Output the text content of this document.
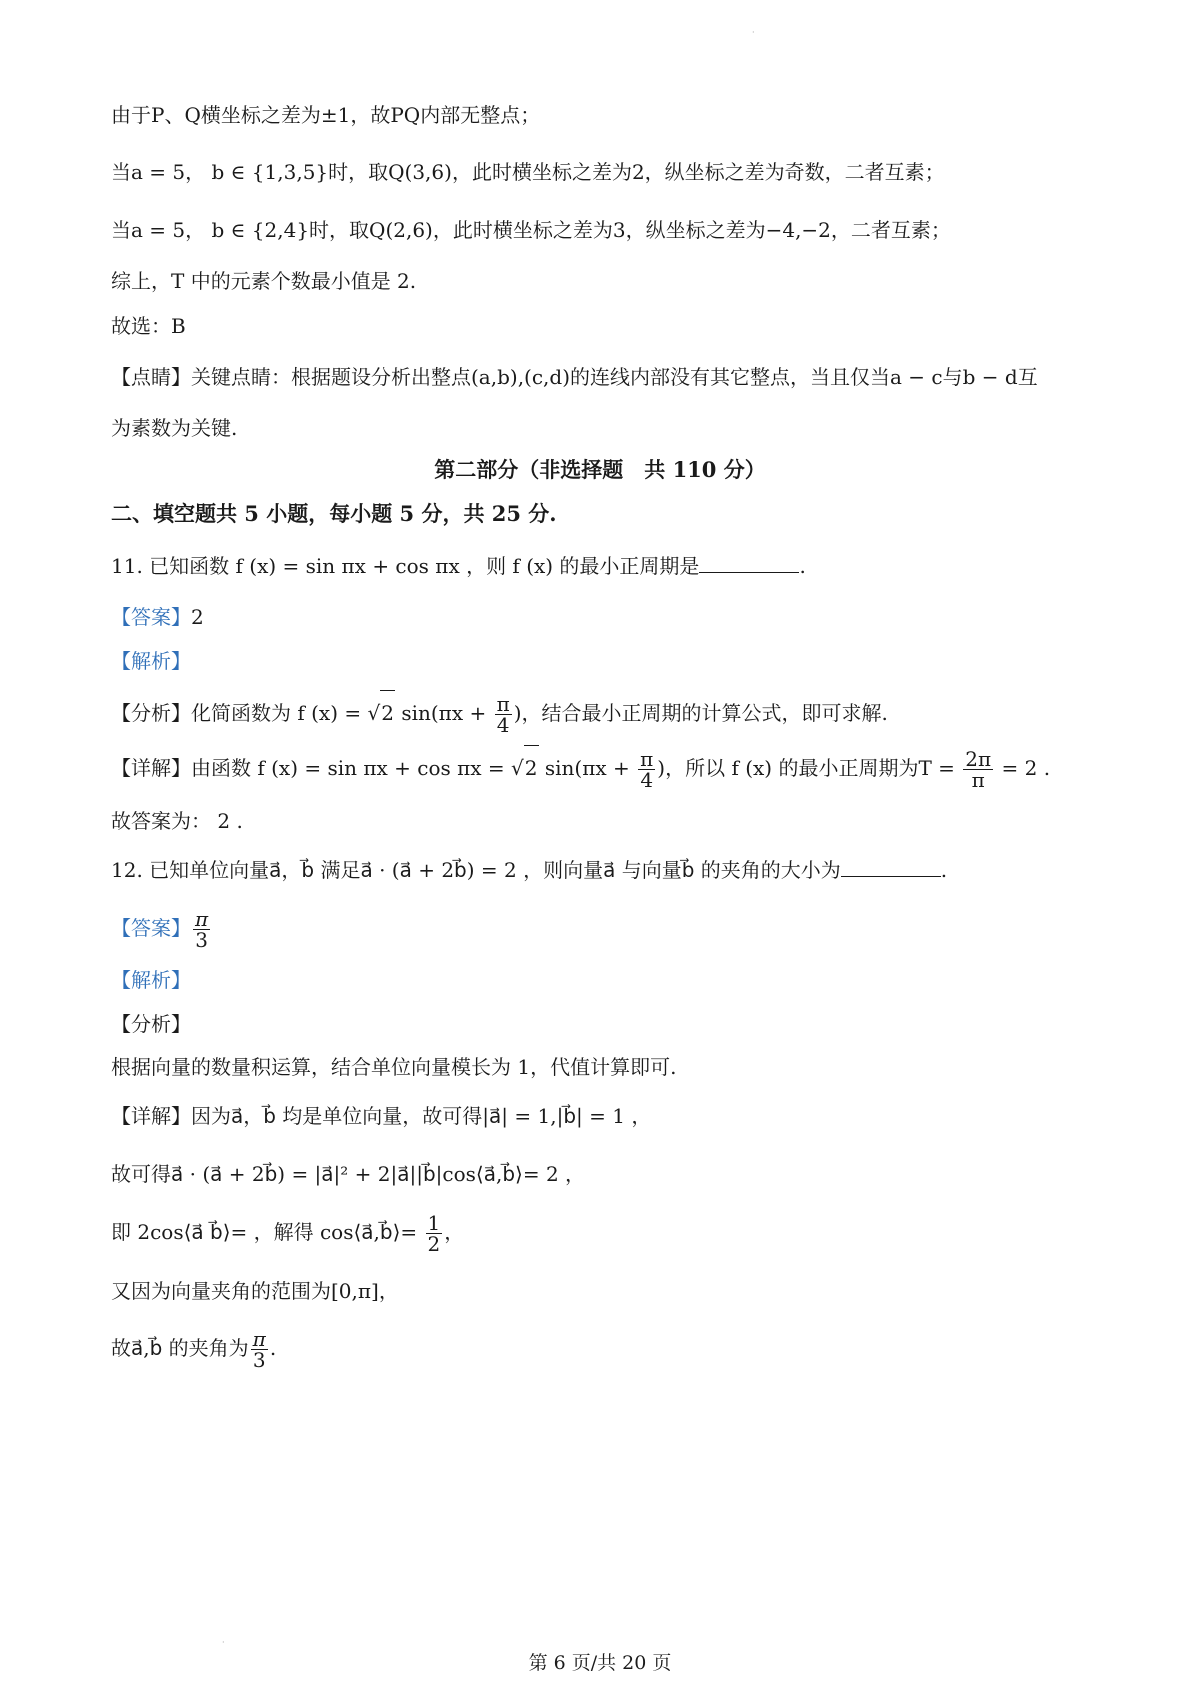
·
由于P、Q横坐标之差为±1，故PQ内部无整点；
当a = 5， b ∈ {1,3,5}时，取Q(3,6)，此时横坐标之差为2，纵坐标之差为奇数，二者互素；
当a = 5， b ∈ {2,4}时，取Q(2,6)，此时横坐标之差为3，纵坐标之差为−4,−2，二者互素；
综上，T 中的元素个数最小值是 2.
故选：B
【点睛】关键点睛：根据题设分析出整点(a,b),(c,d)的连线内部没有其它整点，当且仅当a − c与b − d互
为素数为关键.
第二部分（非选择题　共 110 分）
二、填空题共 5 小题，每小题 5 分，共 25 分.
11. 已知函数 f (x) = sin πx + cos πx ，则 f (x) 的最小正周期是	.
【答案】2
【解析】
【分析】化简函数为 f (x) = √2 $\sin(\pi x + \frac{\pi}{4}$ )，结合最小正周期的计算公式，即可求解.
【详解】由函数 f (x) = sin πx + cos πx = √2 $\sin(\pi x + \frac{\pi}{4}$ )，所以 f (x) 的最小正周期为$T = \frac{2\pi}{\pi} = 2$ .
故答案为： 2 .
12. 已知单位向量a⃗，b⃗ 满足a⃗ · (a⃗ + 2b⃗) = 2 ，则向量a⃗ 与向量b⃗ 的夹角的大小为	.
【答案】 $\frac{\pi}{3}$
【解析】
【分析】
根据向量的数量积运算，结合单位向量模长为 1，代值计算即可.
【详解】因为a⃗，b⃗ 均是单位向量，故可得|a⃗| = 1,|b⃗| = 1 ，
故可得a⃗ · (a⃗ + 2b⃗) = |a⃗|² + 2|a⃗||b⃗|cos⟨a⃗,b⃗⟩= 2 ，
即 2cos⟨a⃗ b⃗⟩= ，解得 cos⟨a⃗,b⃗⟩= $\frac{1}{2}$ ，
又因为向量夹角的范围为[0,π]，
故a⃗,b⃗ 的夹角为 $\frac{\pi}{3}$ .
·
第 6 页/共 20 页
